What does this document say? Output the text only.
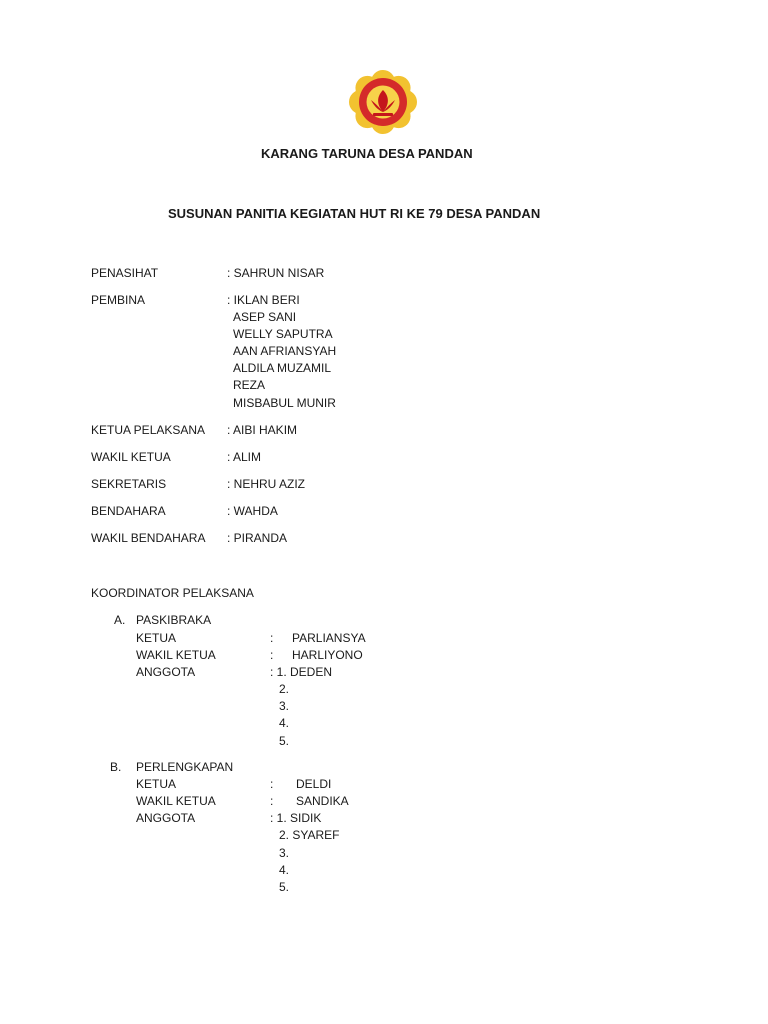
KARANG TARUNA DESA PANDAN
SUSUNAN PANITIA KEGIATAN HUT RI KE 79 DESA PANDAN
PENASIHAT	: SAHRUN NISAR
PEMBINA	: IKLAN BERI
ASEP SANI
WELLY SAPUTRA
AAN AFRIANSYAH
ALDILA MUZAMIL
REZA
MISBABUL MUNIR
KETUA PELAKSANA : AIBI HAKIM
WAKIL KETUA	: ALIM
SEKRETARIS	: NEHRU AZIZ
BENDAHARA	: WAHDA
WAKIL BENDAHARA : PIRANDA
KOORDINATOR PELAKSANA
A. PASKIBRAKA
KETUA	: PARLIANSYA
WAKIL KETUA	: HARLIYONO
ANGGOTA	: 1. DEDEN
2.
3.
4.
5.
B. PERLENGKAPAN
KETUA	: DELDI
WAKIL KETUA	: SANDIKA
ANGGOTA	: 1. SIDIK
2. SYAREF
3.
4.
5.
